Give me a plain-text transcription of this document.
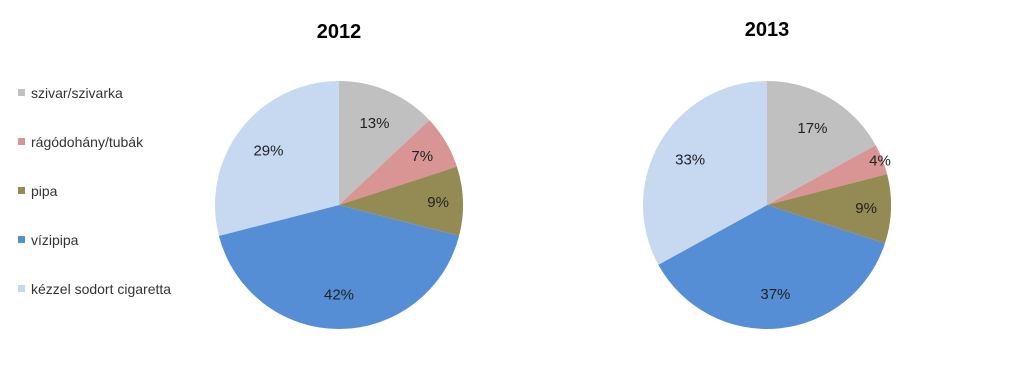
szivar/szivarka
rágódohány/tubák
pipa
vízipipa
kézzel sodort cigaretta
2012
13%
7%
9%
42%
29%
2013
17%
4%
9%
37%
33%
